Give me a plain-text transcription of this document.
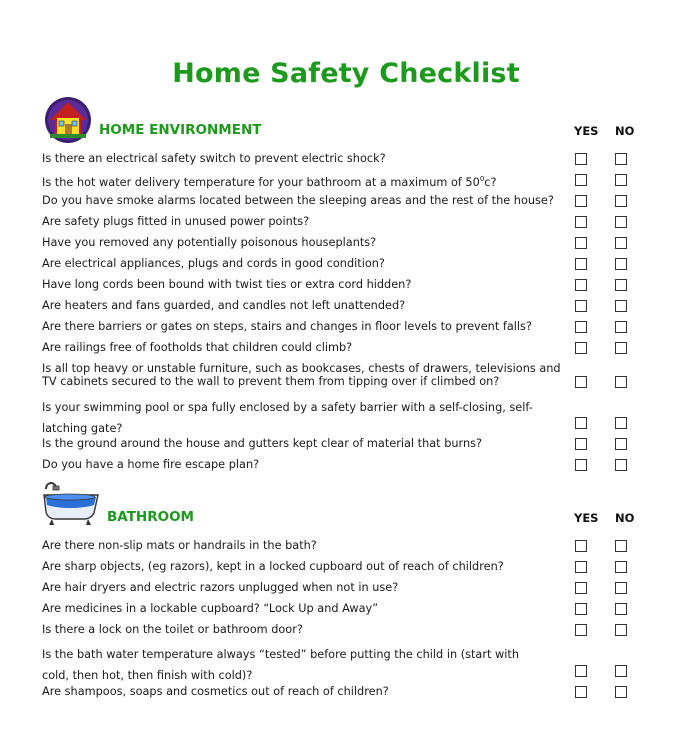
Home Safety Checklist
HOME ENVIRONMENT	YES NO
Is there an electrical safety switch to prevent electric shock?
Is the hot water delivery temperature for your bathroom at a maximum of $50^0c$?
Do you have smoke alarms located between the sleeping areas and the rest of the house?
Are safety plugs fitted in unused power points?
Have you removed any potentially poisonous houseplants?
Are electrical appliances, plugs and cords in good condition?
Have long cords been bound with twist ties or extra cord hidden?
Are heaters and fans guarded, and candles not left unattended?
Are there barriers or gates on steps, stairs and changes in floor levels to prevent falls?
Are railings free of footholds that children could climb?
Is all top heavy or unstable furniture, such as bookcases, chests of drawers, televisions and TV cabinets secured to the wall to prevent them from tipping over if climbed on?
Is your swimming pool or spa fully enclosed by a safety barrier with a self-closing, self-latching gate?
Is the ground around the house and gutters kept clear of material that burns?
Do you have a home fire escape plan?
BATHROOM	YES NO
Are there non-slip mats or handrails in the bath?
Are sharp objects, (eg razors), kept in a locked cupboard out of reach of children?
Are hair dryers and electric razors unplugged when not in use?
Are medicines in a lockable cupboard? “Lock Up and Away”
Is there a lock on the toilet or bathroom door?
Is the bath water temperature always “tested” before putting the child in (start with cold, then hot, then finish with cold)?
Are shampoos, soaps and cosmetics out of reach of children?
